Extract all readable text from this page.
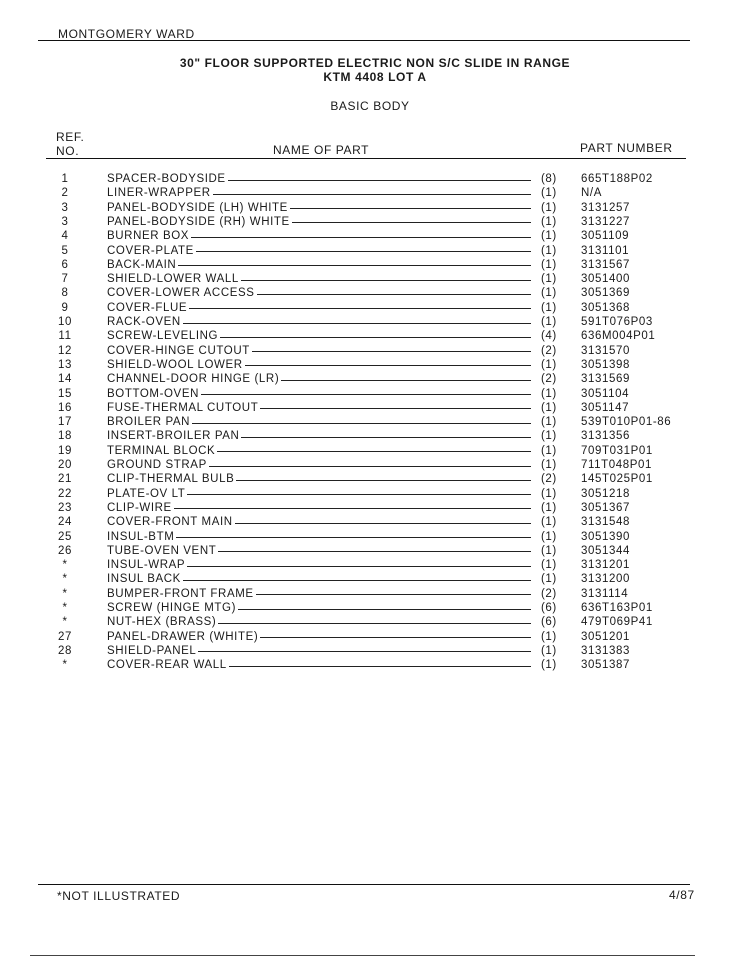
MONTGOMERY WARD
30" FLOOR SUPPORTED ELECTRIC NON S/C SLIDE IN RANGE
KTM 4408 LOT A
BASIC BODY
REF.
NO.	NAME OF PART	PART NUMBER
1	SPACER-BODYSIDE	(8)	665T188P02
2	LINER-WRAPPER	(1)	N/A
3	PANEL-BODYSIDE (LH) WHITE	(1)	3131257
3	PANEL-BODYSIDE (RH) WHITE	(1)	3131227
4	BURNER BOX	(1)	3051109
5	COVER-PLATE	(1)	3131101
6	BACK-MAIN	(1)	3131567
7	SHIELD-LOWER WALL	(1)	3051400
8	COVER-LOWER ACCESS	(1)	3051369
9	COVER-FLUE	(1)	3051368
10	RACK-OVEN	(1)	591T076P03
11	SCREW-LEVELING	(4)	636M004P01
12	COVER-HINGE CUTOUT	(2)	3131570
13	SHIELD-WOOL LOWER	(1)	3051398
14	CHANNEL-DOOR HINGE (LR)	(2)	3131569
15	BOTTOM-OVEN	(1)	3051104
16	FUSE-THERMAL CUTOUT	(1)	3051147
17	BROILER PAN	(1)	539T010P01-86
18	INSERT-BROILER PAN	(1)	3131356
19	TERMINAL BLOCK	(1)	709T031P01
20	GROUND STRAP	(1)	711T048P01
21	CLIP-THERMAL BULB	(2)	145T025P01
22	PLATE-OV LT	(1)	3051218
23	CLIP-WIRE	(1)	3051367
24	COVER-FRONT MAIN	(1)	3131548
25	INSUL-BTM	(1)	3051390
26	TUBE-OVEN VENT	(1)	3051344
*	INSUL-WRAP	(1)	3131201
*	INSUL BACK	(1)	3131200
*	BUMPER-FRONT FRAME	(2)	3131114
*	SCREW (HINGE MTG)	(6)	636T163P01
*	NUT-HEX (BRASS)	(6)	479T069P41
27	PANEL-DRAWER (WHITE)	(1)	3051201
28	SHIELD-PANEL	(1)	3131383
*	COVER-REAR WALL	(1)	3051387
*NOT ILLUSTRATED	4/87
